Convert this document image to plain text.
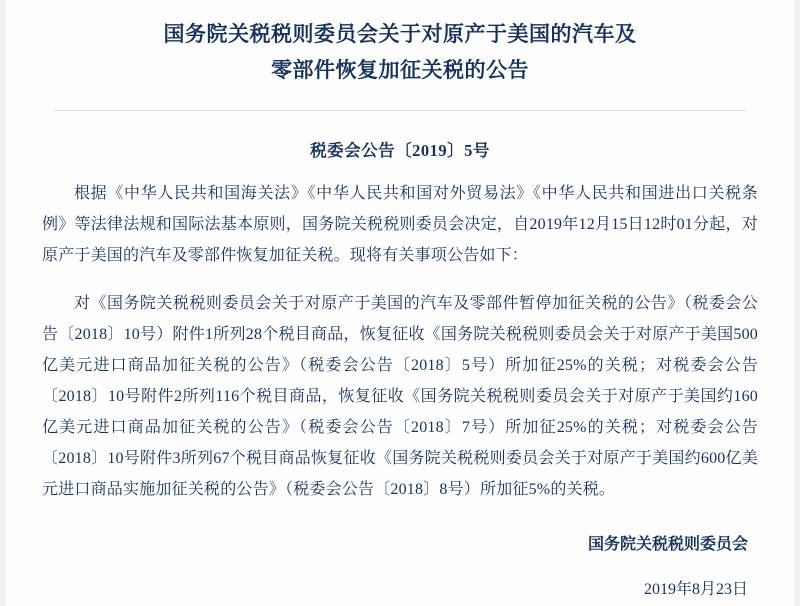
国务院关税税则委员会关于对原产于美国的汽车及
零部件恢复加征关税的公告
税委会公告〔2019〕5号

根据《中华人民共和国海关法》《中华人民共和国对外贸易法》《中华人民共和国进出口关税条例》等法律法规和国际法基本原则，国务院关税税则委员会决定，自2019年12月15日12时01分起，对原产于美国的汽车及零部件恢复加征关税。现将有关事项公告如下：

对《国务院关税税则委员会关于对原产于美国的汽车及零部件暂停加征关税的公告》（税委会公告〔2018〕10号）附件1所列28个税目商品，恢复征收《国务院关税税则委员会关于对原产于美国500亿美元进口商品加征关税的公告》（税委会公告〔2018〕5号）所加征25%的关税；对税委会公告〔2018〕10号附件2所列116个税目商品，恢复征收《国务院关税税则委员会关于对原产于美国约160亿美元进口商品加征关税的公告》（税委会公告〔2018〕7号）所加征25%的关税；对税委会公告〔2018〕10号附件3所列67个税目商品恢复征收《国务院关税税则委员会关于对原产于美国约600亿美元进口商品实施加征关税的公告》（税委会公告〔2018〕8号）所加征5%的关税。

国务院关税税则委员会
2019年8月23日
